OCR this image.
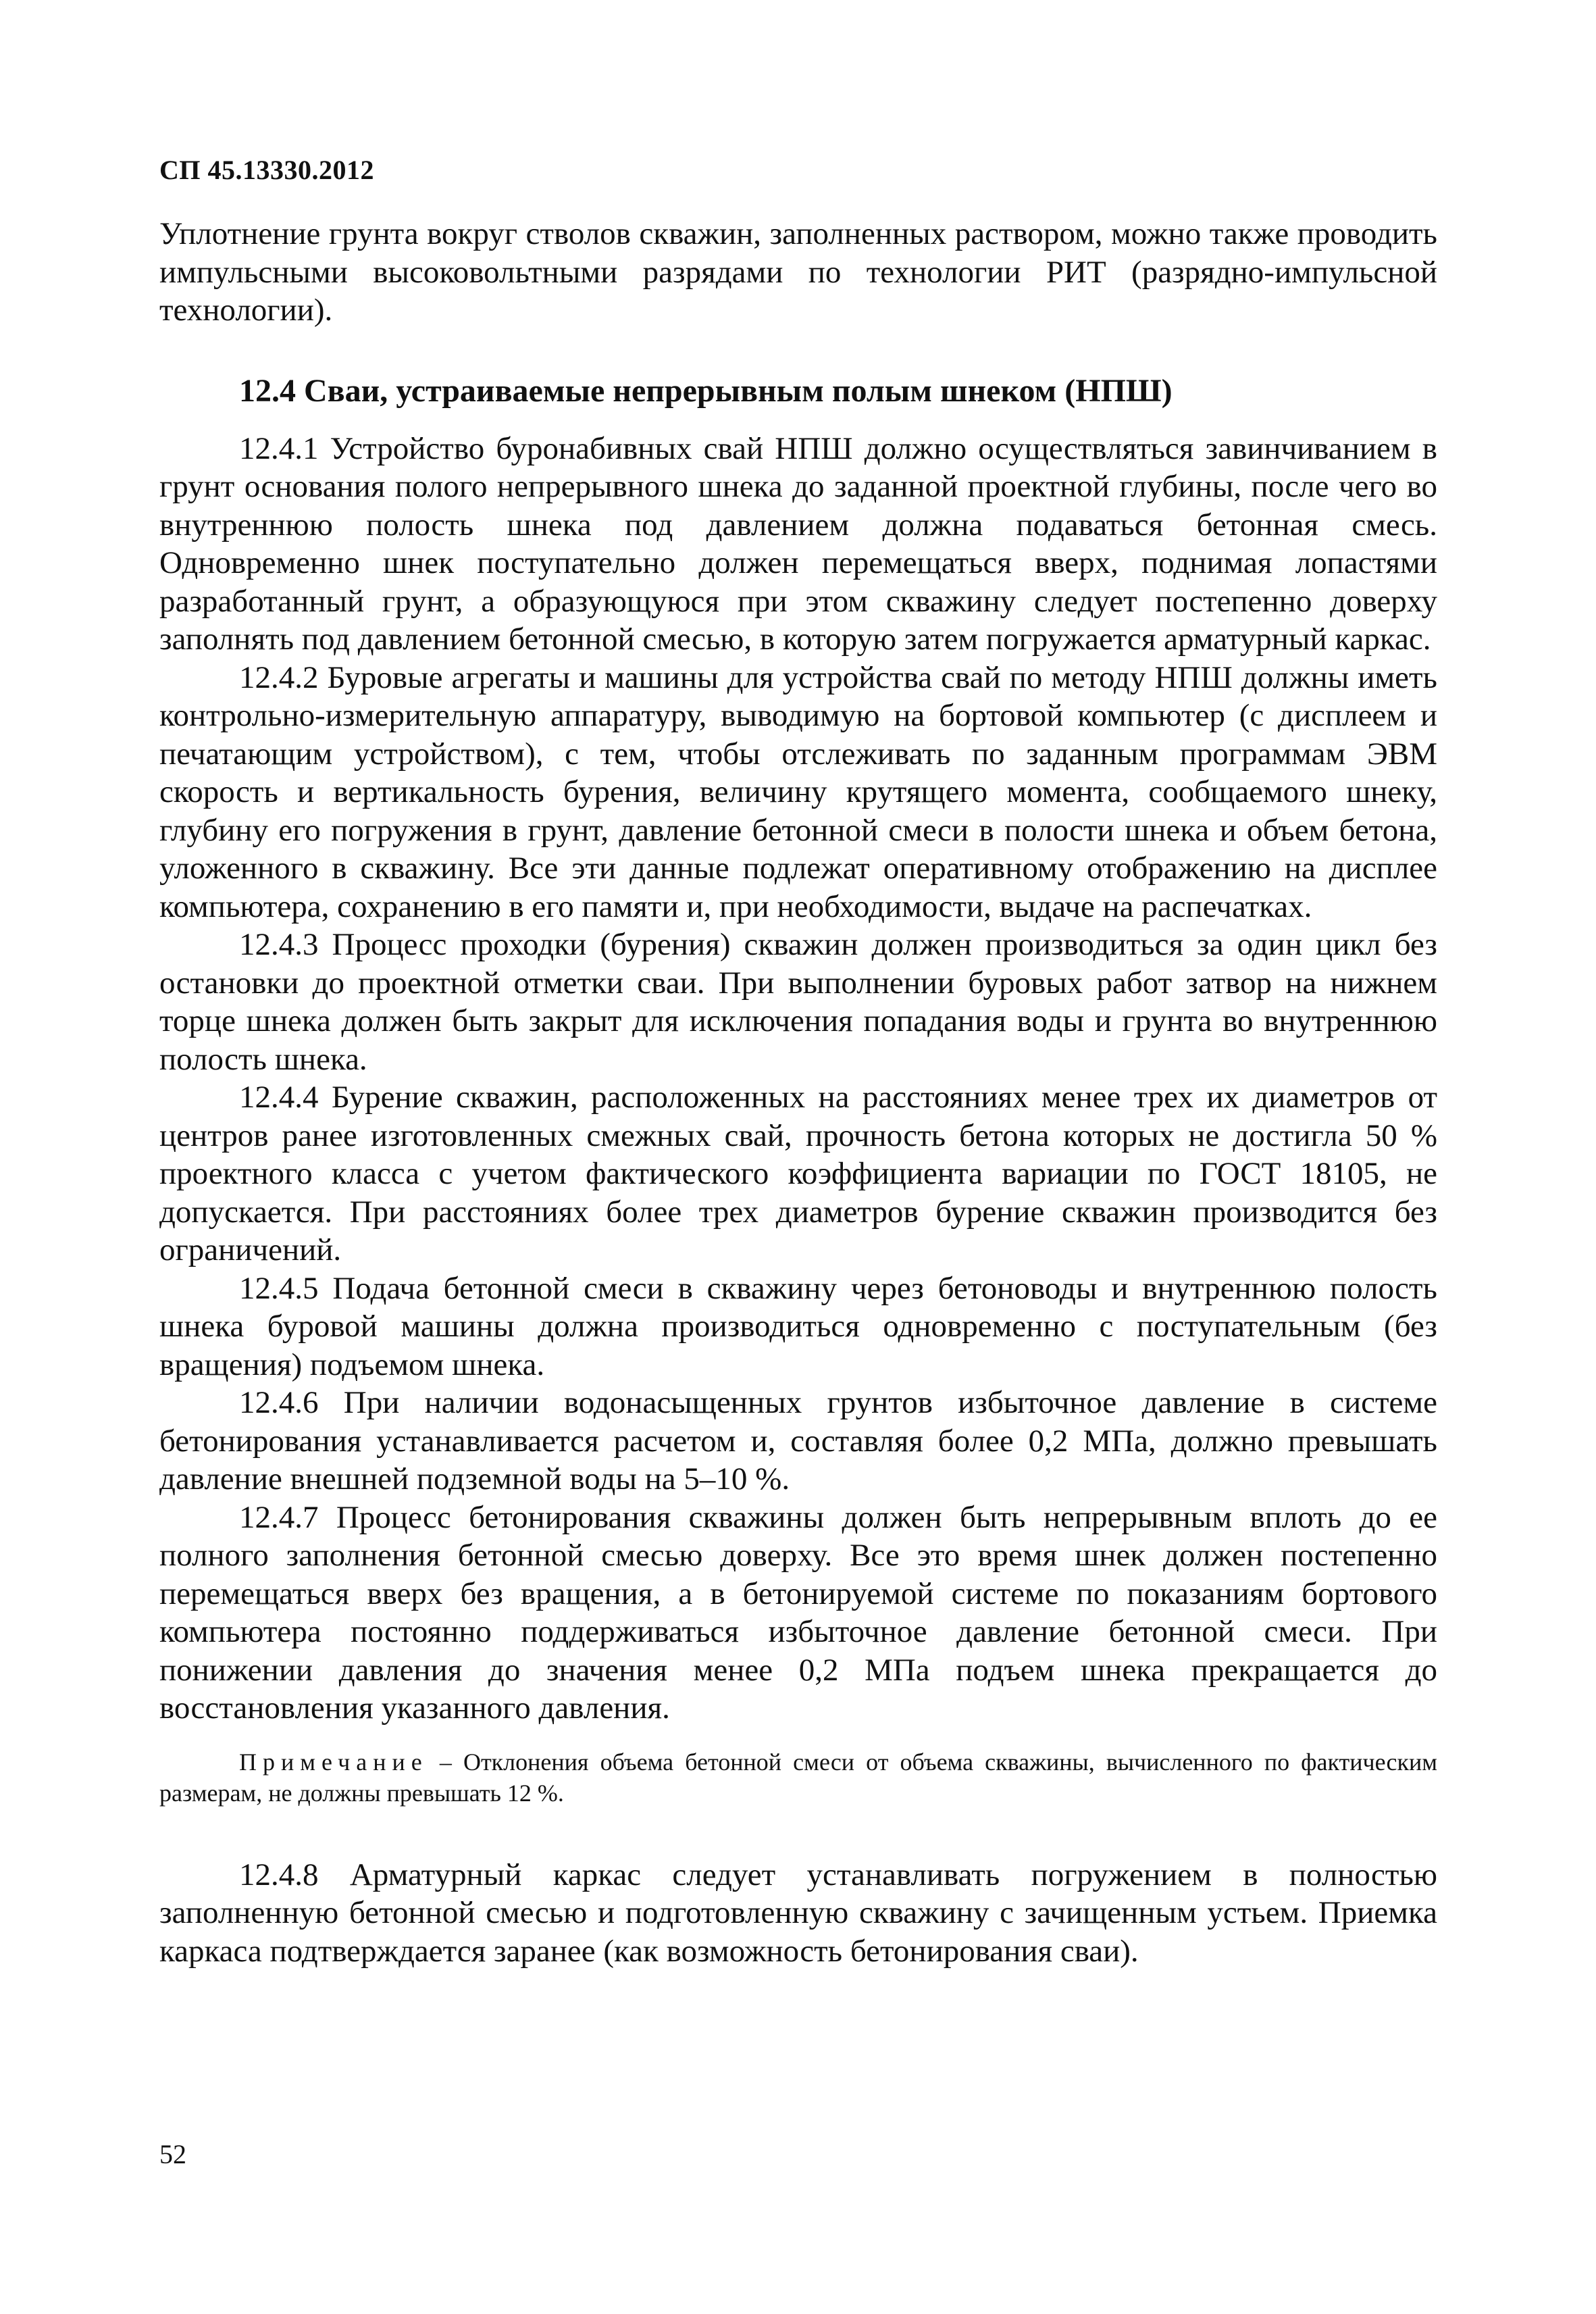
СП 45.13330.2012

Уплотнение грунта вокруг стволов скважин, заполненных раствором, можно также проводить импульсными высоковольтными разрядами по технологии РИТ (разрядно-импульсной технологии).

12.4 Сваи, устраиваемые непрерывным полым шнеком (НПШ)

12.4.1 Устройство буронабивных свай НПШ должно осуществляться завинчиванием в грунт основания полого непрерывного шнека до заданной проектной глубины, после чего во внутреннюю полость шнека под давлением должна подаваться бетонная смесь. Одновременно шнек поступательно должен перемещаться вверх, поднимая лопастями разработанный грунт, а образующуюся при этом скважину следует постепенно доверху заполнять под давлением бетонной смесью, в которую затем погружается арматурный каркас.

12.4.2 Буровые агрегаты и машины для устройства свай по методу НПШ должны иметь контрольно-измерительную аппаратуру, выводимую на бортовой компьютер (с дисплеем и печатающим устройством), с тем, чтобы отслеживать по заданным программам ЭВМ скорость и вертикальность бурения, величину крутящего момента, сообщаемого шнеку, глубину его погружения в грунт, давление бетонной смеси в полости шнека и объем бетона, уложенного в скважину. Все эти данные подлежат оперативному отображению на дисплее компьютера, сохранению в его памяти и, при необходимости, выдаче на распечатках.

12.4.3 Процесс проходки (бурения) скважин должен производиться за один цикл без остановки до проектной отметки сваи. При выполнении буровых работ затвор на нижнем торце шнека должен быть закрыт для исключения попадания воды и грунта во внутреннюю полость шнека.

12.4.4 Бурение скважин, расположенных на расстояниях менее трех их диаметров от центров ранее изготовленных смежных свай, прочность бетона которых не достигла 50 % проектного класса с учетом фактического коэффициента вариации по ГОСТ 18105, не допускается. При расстояниях более трех диаметров бурение скважин производится без ограничений.

12.4.5 Подача бетонной смеси в скважину через бетоноводы и внутреннюю полость шнека буровой машины должна производиться одновременно с поступательным (без вращения) подъемом шнека.

12.4.6 При наличии водонасыщенных грунтов избыточное давление в системе бетонирования устанавливается расчетом и, составляя более 0,2 МПа, должно превышать давление внешней подземной воды на 5–10 %.

12.4.7 Процесс бетонирования скважины должен быть непрерывным вплоть до ее полного заполнения бетонной смесью доверху. Все это время шнек должен постепенно перемещаться вверх без вращения, а в бетонируемой системе по показаниям бортового компьютера постоянно поддерживаться избыточное давление бетонной смеси. При понижении давления до значения менее 0,2 МПа подъем шнека прекращается до восстановления указанного давления.

Примечание – Отклонения объема бетонной смеси от объема скважины, вычисленного по фактическим размерам, не должны превышать 12 %.

12.4.8 Арматурный каркас следует устанавливать погружением в полностью заполненную бетонной смесью и подготовленную скважину с зачищенным устьем. Приемка каркаса подтверждается заранее (как возможность бетонирования сваи).

52
